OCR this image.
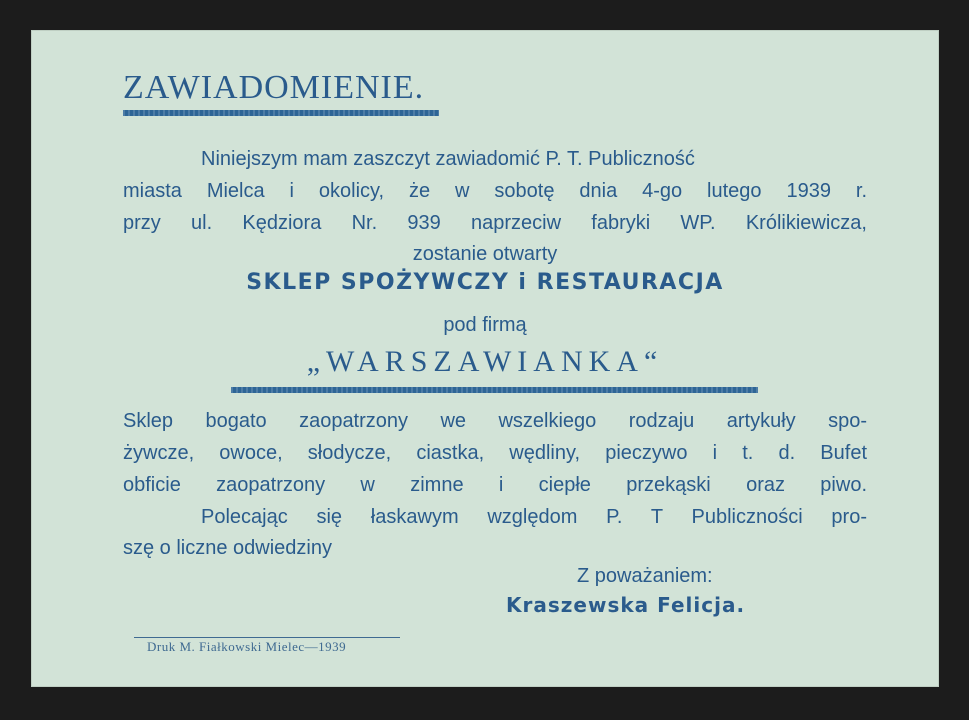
ZAWIADOMIENIE.
Niniejszym mam zaszczyt zawiadomić P. T. Publiczność
miasta Mielca i okolicy, że w sobotę dnia 4-go lutego 1939 r.
przy ul. Kędziora Nr. 939 naprzeciw fabryki WP. Królikiewicza,
zostanie otwarty
SKLEP SPOŻYWCZY i RESTAURACJA
pod firmą
„WARSZAWIANKA“
Sklep bogato zaopatrzony we wszelkiego rodzaju artykuły spo-
żywcze, owoce, słodycze, ciastka, wędliny, pieczywo i t. d. Bufet
obficie zaopatrzony w zimne i ciepłe przekąski oraz piwo.
Polecając się łaskawym względom P. T Publiczności pro-
szę o liczne odwiedziny
Z poważaniem:
Kraszewska Felicja.
Druk M. Fiałkowski Mielec—1939
